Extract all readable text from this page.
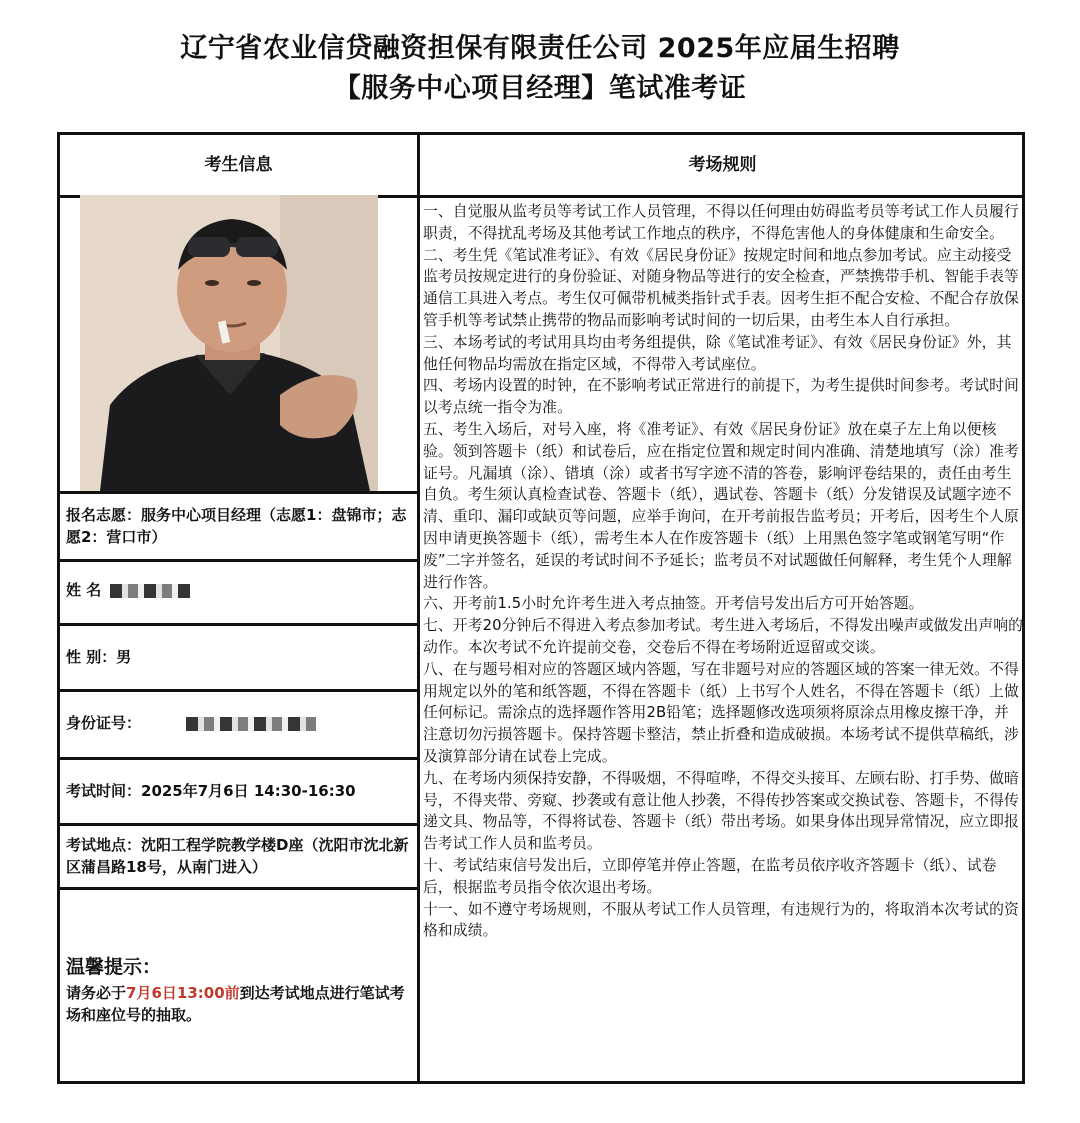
辽宁省农业信贷融资担保有限责任公司 2025年应届生招聘
【服务中心项目经理】笔试准考证
考生信息	考场规则
报名志愿：服务中心项目经理（志愿1：盘锦市；志愿2：营口市）
姓 名
性 别：男
身份证号：
考试时间：2025年7月6日 14:30-16:30
考试地点：沈阳工程学院教学楼D座（沈阳市沈北新区蒲昌路18号，从南门进入）
温馨提示：
请务必于7月6日13:00前到达考试地点进行笔试考场和座位号的抽取。

一、自觉服从监考员等考试工作人员管理，不得以任何理由妨碍监考员等考试工作人员履行职责，不得扰乱考场及其他考试工作地点的秩序，不得危害他人的身体健康和生命安全。

二、考生凭《笔试准考证》、有效《居民身份证》按规定时间和地点参加考试。应主动接受监考员按规定进行的身份验证、对随身物品等进行的安全检查，严禁携带手机、智能手表等通信工具进入考点。考生仅可佩带机械类指针式手表。因考生拒不配合安检、不配合存放保管手机等考试禁止携带的物品而影响考试时间的一切后果，由考生本人自行承担。

三、本场考试的考试用具均由考务组提供，除《笔试准考证》、有效《居民身份证》外，其他任何物品均需放在指定区域，不得带入考试座位。

四、考场内设置的时钟，在不影响考试正常进行的前提下，为考生提供时间参考。考试时间以考点统一指令为准。

五、考生入场后，对号入座，将《准考证》、有效《居民身份证》放在桌子左上角以便核验。领到答题卡（纸）和试卷后，应在指定位置和规定时间内准确、清楚地填写（涂）准考证号。凡漏填（涂）、错填（涂）或者书写字迹不清的答卷，影响评卷结果的，责任由考生自负。考生须认真检查试卷、答题卡（纸），遇试卷、答题卡（纸）分发错误及试题字迹不清、重印、漏印或缺页等问题，应举手询问，在开考前报告监考员；开考后，因考生个人原因申请更换答题卡（纸），需考生本人在作废答题卡（纸）上用黑色签字笔或钢笔写明“作废”二字并签名，延误的考试时间不予延长；监考员不对试题做任何解释，考生凭个人理解进行作答。

六、开考前1.5小时允许考生进入考点抽签。开考信号发出后方可开始答题。

七、开考20分钟后不得进入考点参加考试。考生进入考场后，不得发出噪声或做发出声响的动作。本次考试不允许提前交卷，交卷后不得在考场附近逗留或交谈。

八、在与题号相对应的答题区域内答题，写在非题号对应的答题区域的答案一律无效。不得用规定以外的笔和纸答题，不得在答题卡（纸）上书写个人姓名，不得在答题卡（纸）上做任何标记。需涂点的选择题作答用2B铅笔；选择题修改选项须将原涂点用橡皮擦干净，并注意切勿污损答题卡。保持答题卡整洁，禁止折叠和造成破损。本场考试不提供草稿纸，涉及演算部分请在试卷上完成。

九、在考场内须保持安静，不得吸烟，不得喧哗，不得交头接耳、左顾右盼、打手势、做暗号，不得夹带、旁窥、抄袭或有意让他人抄袭，不得传抄答案或交换试卷、答题卡，不得传递文具、物品等，不得将试卷、答题卡（纸）带出考场。如果身体出现异常情况，应立即报告考试工作人员和监考员。

十、考试结束信号发出后，立即停笔并停止答题，在监考员依序收齐答题卡（纸）、试卷后，根据监考员指令依次退出考场。

十一、如不遵守考场规则，不服从考试工作人员管理，有违规行为的，将取消本次考试的资格和成绩。
